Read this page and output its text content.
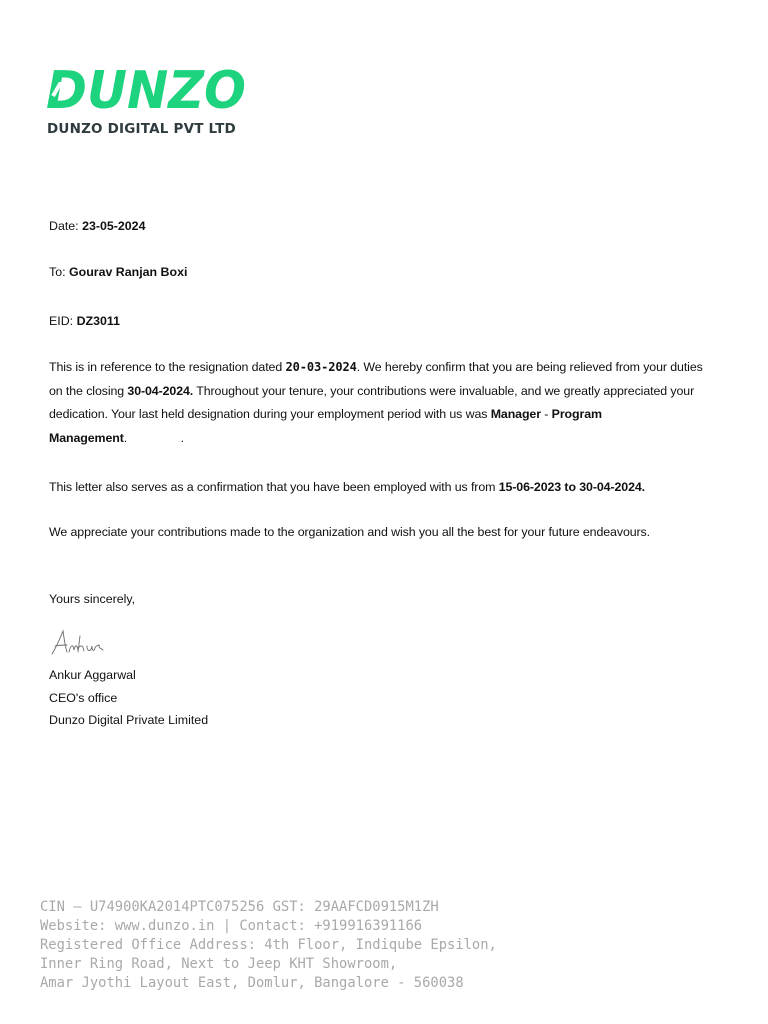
DUNZO
DUNZO DIGITAL PVT LTD
Date: 23-05-2024
To: Gourav Ranjan Boxi
EID: DZ3011
This is in reference to the resignation dated 20-03-2024. We hereby confirm that you are being relieved from your duties on the closing 30-04-2024. Throughout your tenure, your contributions were invaluable, and we greatly appreciated your dedication. Your last held designation during your employment period with us was Manager - Program Management.                .
This letter also serves as a confirmation that you have been employed with us from 15-06-2023 to 30-04-2024.
We appreciate your contributions made to the organization and wish you all the best for your future endeavours.
Yours sincerely,
Ankur Aggarwal
CEO's office
Dunzo Digital Private Limited
CIN – U74900KA2014PTC075256 GST: 29AAFCD0915M1ZH
Website: www.dunzo.in | Contact: +919916391166
Registered Office Address: 4th Floor, Indiqube Epsilon,
Inner Ring Road, Next to Jeep KHT Showroom,
Amar Jyothi Layout East, Domlur, Bangalore - 560038
